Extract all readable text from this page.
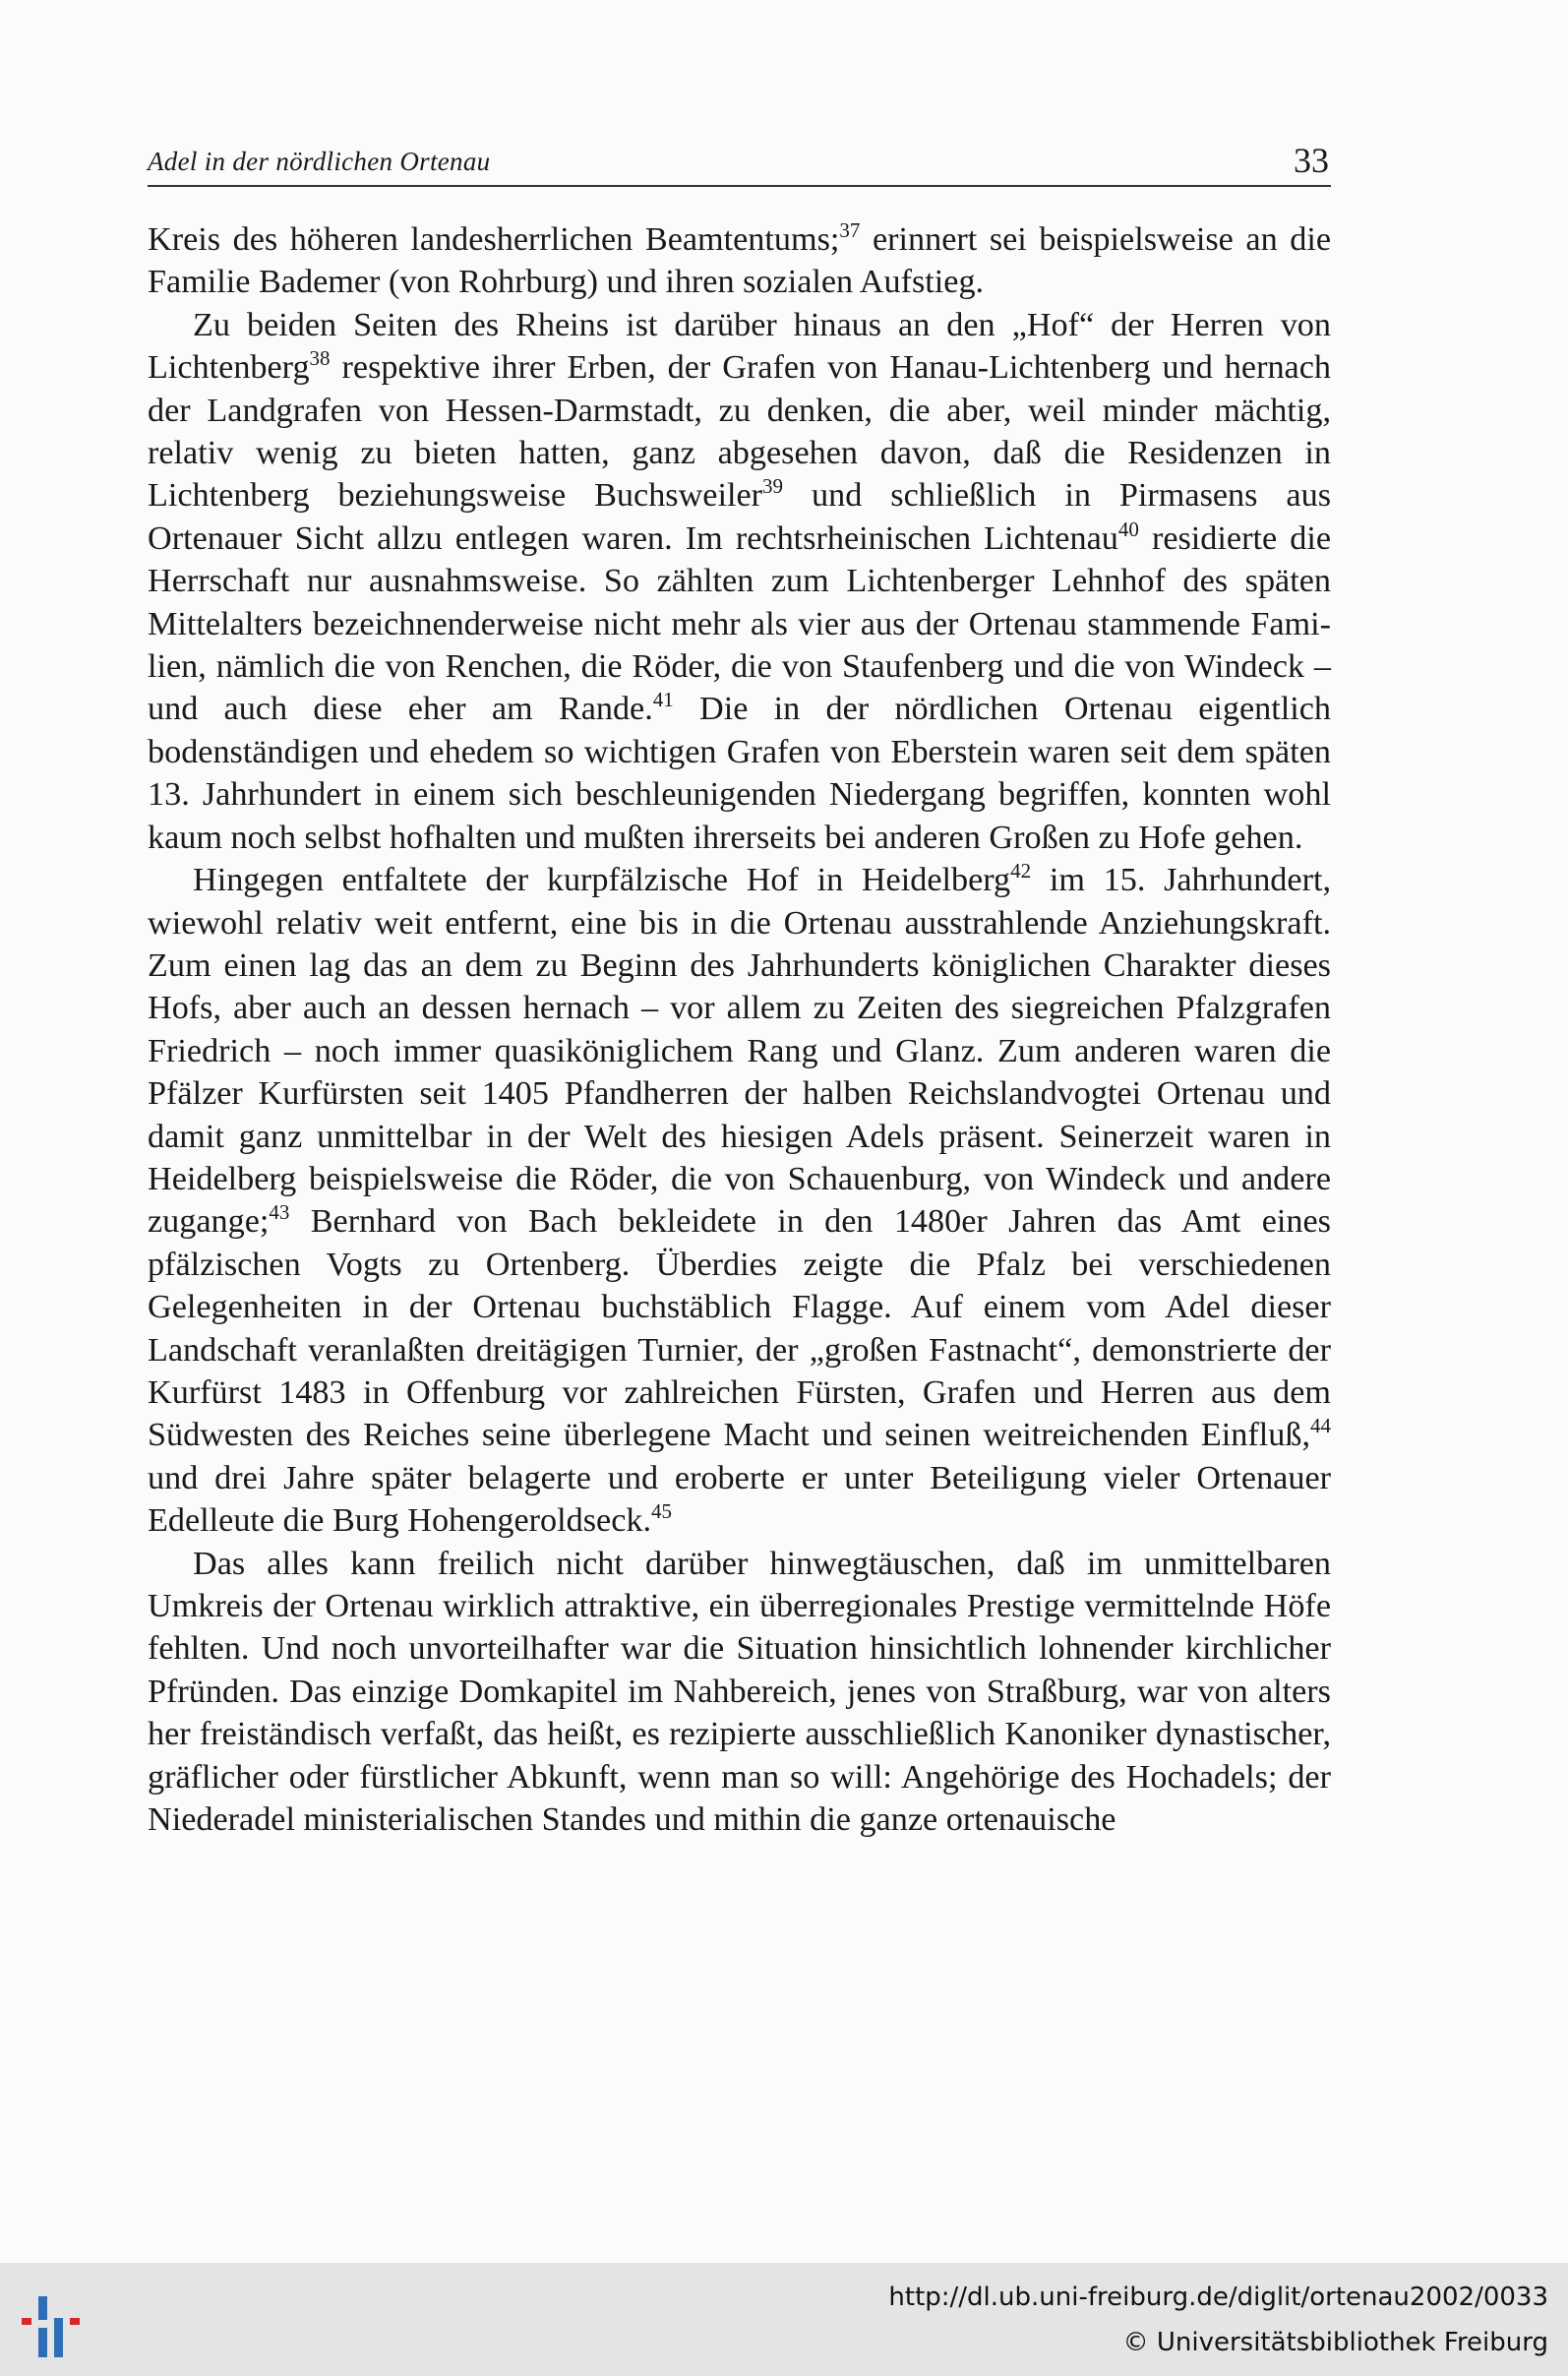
Adel in der nördlichen Ortenau	33

Kreis des höheren landesherrlichen Beamtentums;$^{37}$ erinnert sei beispielsweise an die Familie Bademer (von Rohrburg) und ihren sozialen Aufstieg.

Zu beiden Seiten des Rheins ist darüber hinaus an den „Hof“ der Herren von Lichtenberg$^{38}$ respektive ihrer Erben, der Grafen von Hanau-Lichtenberg und hernach der Landgrafen von Hessen-Darmstadt, zu denken, die aber, weil minder mächtig, relativ wenig zu bieten hatten, ganz abgesehen davon, daß die Residenzen in Lichtenberg beziehungsweise Buchsweiler$^{39}$ und schließlich in Pirmasens aus Ortenauer Sicht allzu entlegen waren. Im rechtsrheinischen Lichtenau$^{40}$ residierte die Herrschaft nur ausnahmsweise. So zählten zum Lichtenberger Lehnhof des späten Mittelalters bezeichnenderweise nicht mehr als vier aus der Ortenau stammende Familien, nämlich die von Renchen, die Röder, die von Staufenberg und die von Windeck – und auch diese eher am Rande.$^{41}$ Die in der nördlichen Ortenau eigentlich bodenständigen und ehedem so wichtigen Grafen von Eberstein waren seit dem späten 13. Jahrhundert in einem sich beschleunigenden Niedergang begriffen, konnten wohl kaum noch selbst hofhalten und mußten ihrerseits bei anderen Großen zu Hofe gehen.

Hingegen entfaltete der kurpfälzische Hof in Heidelberg$^{42}$ im 15. Jahrhundert, wiewohl relativ weit entfernt, eine bis in die Ortenau ausstrahlende Anziehungskraft. Zum einen lag das an dem zu Beginn des Jahrhunderts königlichen Charakter dieses Hofs, aber auch an dessen hernach – vor allem zu Zeiten des siegreichen Pfalzgrafen Friedrich – noch immer quasiköniglichem Rang und Glanz. Zum anderen waren die Pfälzer Kurfürsten seit 1405 Pfandherren der halben Reichslandvogtei Ortenau und damit ganz unmittelbar in der Welt des hiesigen Adels präsent. Seinerzeit waren in Heidelberg beispielsweise die Röder, die von Schauenburg, von Windeck und andere zugange;$^{43}$ Bernhard von Bach bekleidete in den 1480er Jahren das Amt eines pfälzischen Vogts zu Ortenberg. Überdies zeigte die Pfalz bei verschiedenen Gelegenheiten in der Ortenau buchstäblich Flagge. Auf einem vom Adel dieser Landschaft veranlaßten dreitägigen Turnier, der „großen Fastnacht“, demonstrierte der Kurfürst 1483 in Offenburg vor zahlreichen Fürsten, Grafen und Herren aus dem Südwesten des Reiches seine überlegene Macht und seinen weitreichenden Einfluß,$^{44}$ und drei Jahre später belagerte und eroberte er unter Beteiligung vieler Ortenauer Edelleute die Burg Hohengeroldseck.$^{45}$

Das alles kann freilich nicht darüber hinwegtäuschen, daß im unmittelbaren Umkreis der Ortenau wirklich attraktive, ein überregionales Prestige vermittelnde Höfe fehlten. Und noch unvorteilhafter war die Situation hinsichtlich lohnender kirchlicher Pfründen. Das einzige Domkapitel im Nahbereich, jenes von Straßburg, war von alters her freiständisch verfaßt, das heißt, es rezipierte ausschließlich Kanoniker dynastischer, gräflicher oder fürstlicher Abkunft, wenn man so will: Angehörige des Hochadels; der Niederadel ministerialischen Standes und mithin die ganze ortenauische

http://dl.ub.uni-freiburg.de/diglit/ortenau2002/0033
© Universitätsbibliothek Freiburg
